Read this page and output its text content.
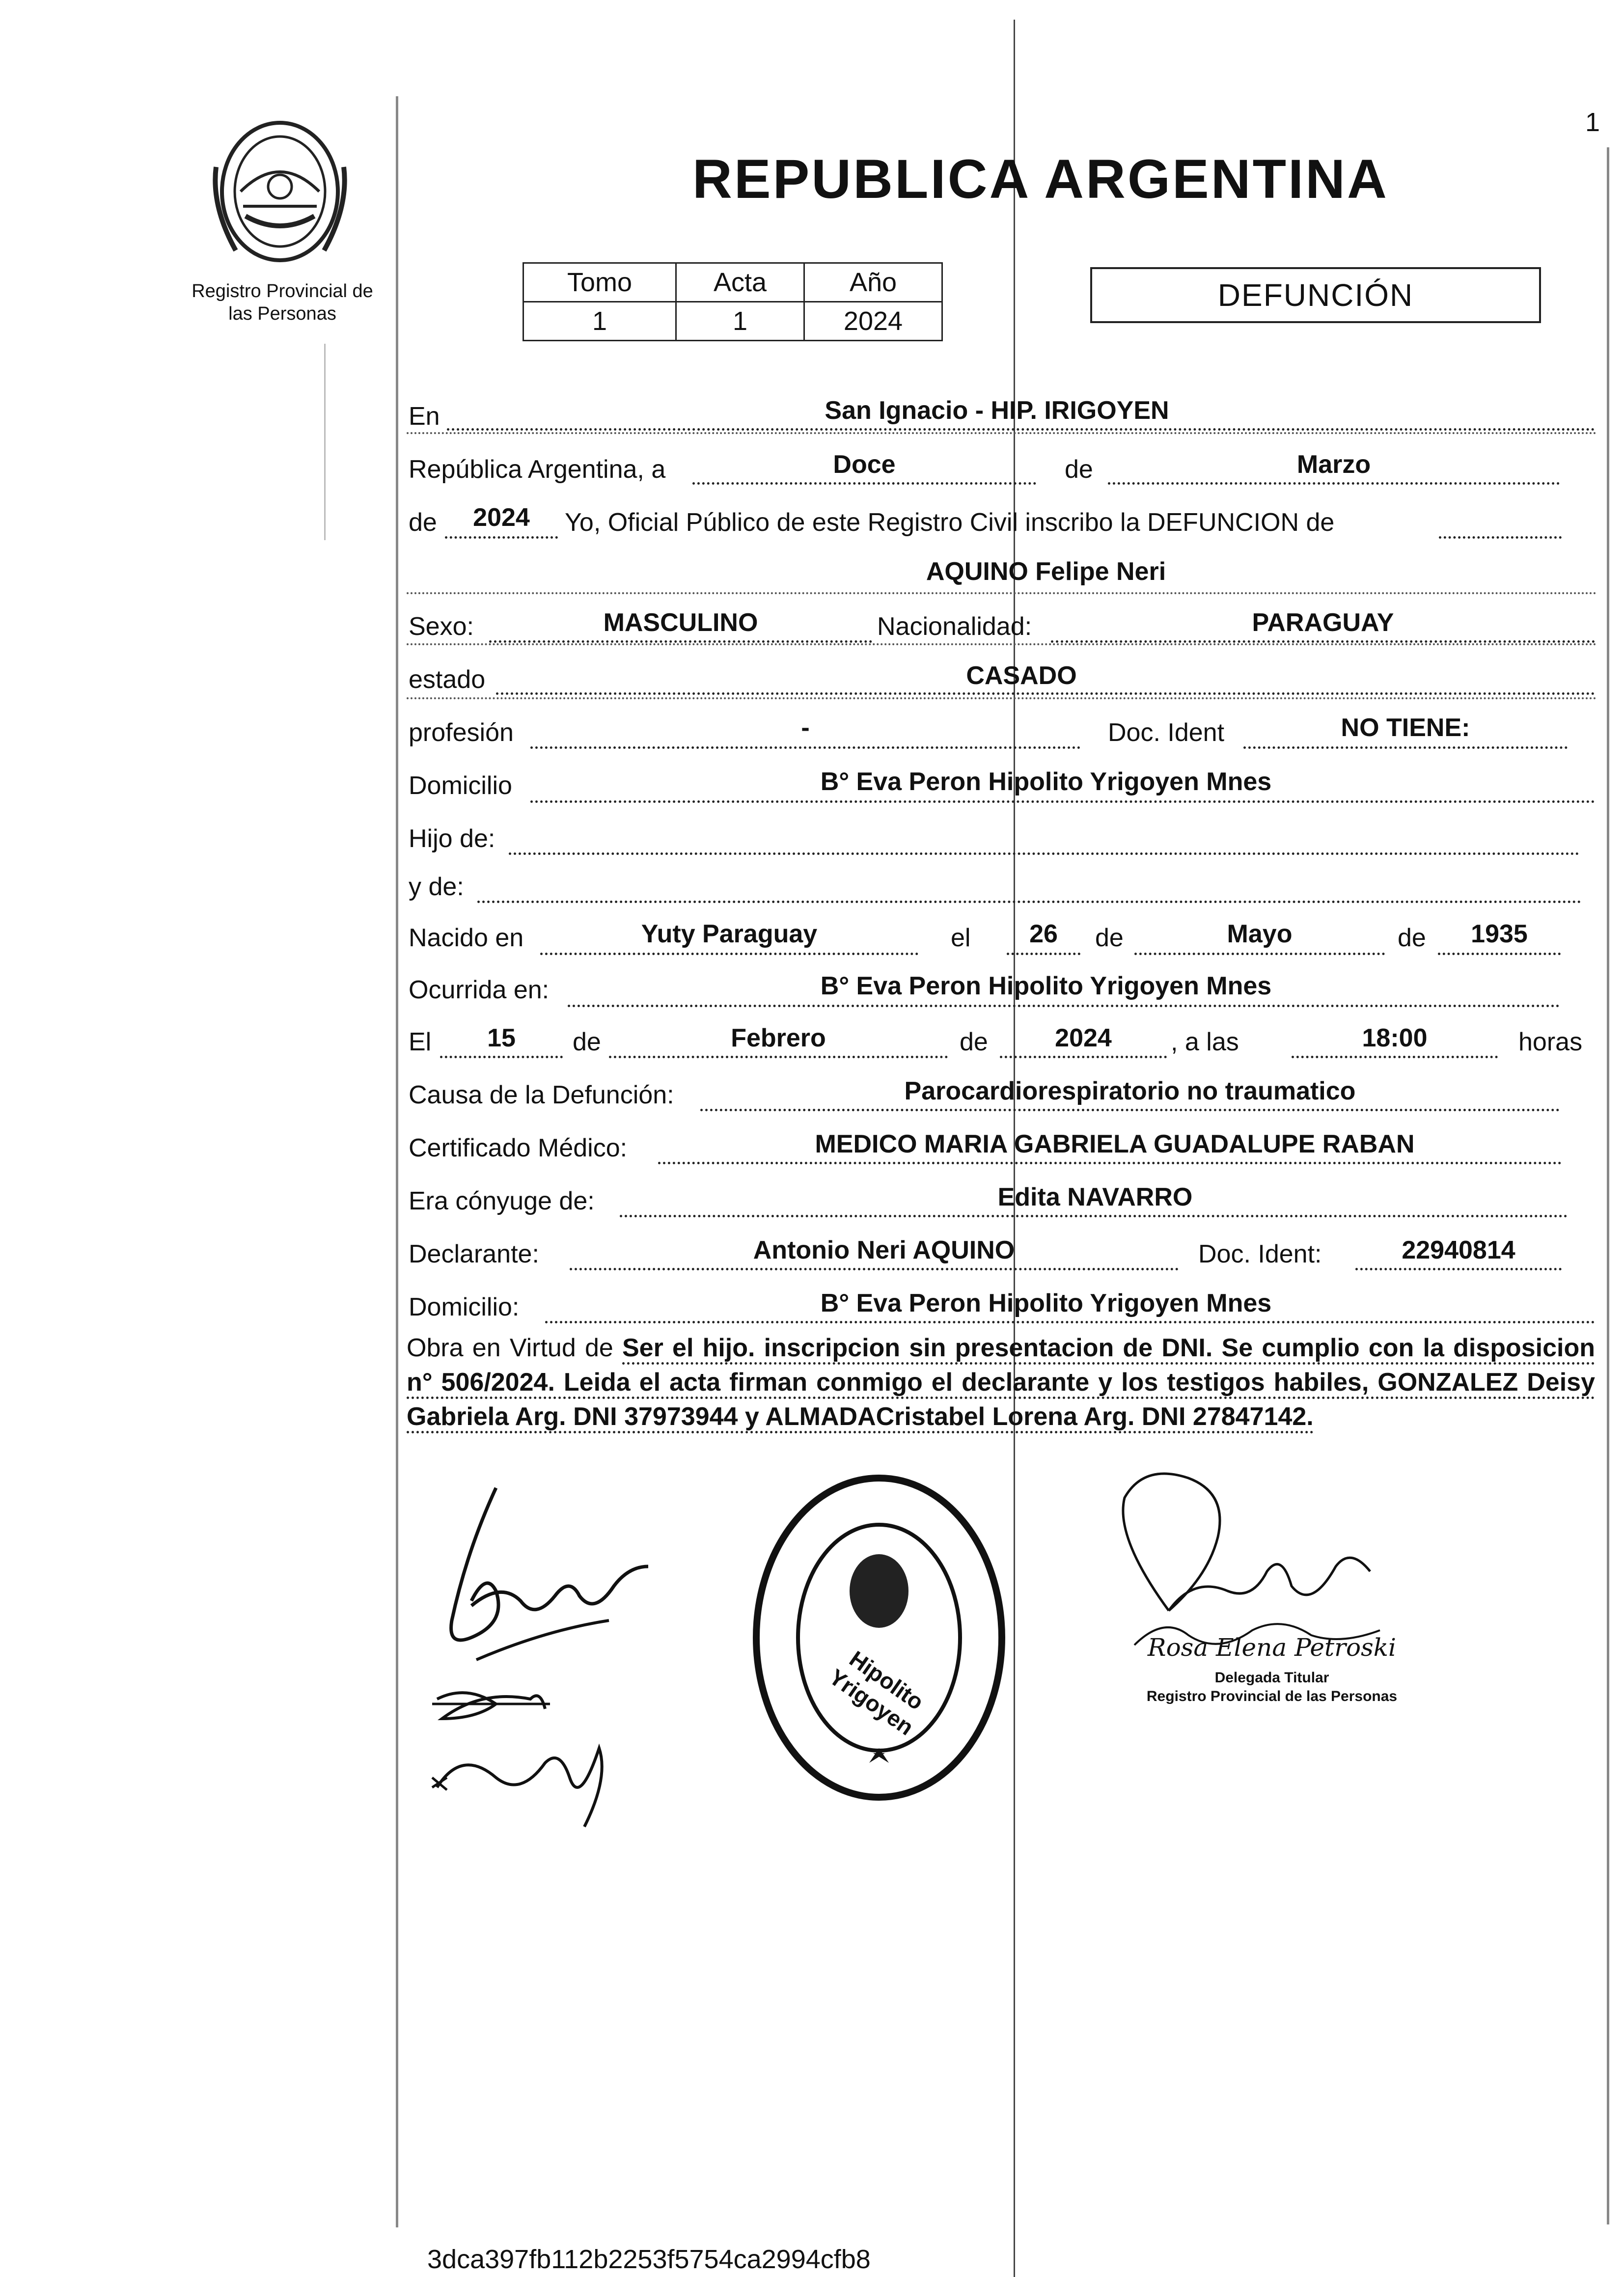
1
Registro Provincial de las Personas
REPUBLICA ARGENTINA
Tomo	Acta	Año
1	1	2024
DEFUNCIÓN
En	San Ignacio - HIP. IRIGOYEN
República Argentina, a	Doce	de	Marzo
de	2024	Yo, Oficial Público de este Registro Civil inscribo la DEFUNCION de
AQUINO Felipe Neri
Sexo:	MASCULINO	Nacionalidad:	PARAGUAY
estado	CASADO
profesión	-	Doc. Ident	NO TIENE:
Domicilio	B° Eva Peron Hipolito Yrigoyen Mnes
Hijo de:
y de:
Nacido en	Yuty Paraguay	el	26	de	Mayo	de	1935
Ocurrida en:	B° Eva Peron Hipolito Yrigoyen Mnes
El	15	de	Febrero	de	2024	, a las	18:00	horas
Causa de la Defunción:	Parocardiorespiratorio no traumatico
Certificado Médico:	MEDICO MARIA GABRIELA GUADALUPE RABAN
Era cónyuge de:	Edita NAVARRO
Declarante:	Antonio Neri AQUINO	Doc. Ident:	22940814
Domicilio:	B° Eva Peron Hipolito Yrigoyen Mnes
Obra en Virtud de Ser el hijo. inscripcion sin presentacion de DNI. Se cumplio con la disposicion n° 506/2024. Leida el acta firman conmigo el declarante y los testigos habiles, GONZALEZ Deisy Gabriela Arg. DNI 37973944 y ALMADACristabel Lorena Arg. DNI 27847142.
Hipolito Yrigoyen
Rosa Elena Petroski
Delegada Titular
Registro Provincial de las Personas
3dca397fb112b2253f5754ca2994cfb8
